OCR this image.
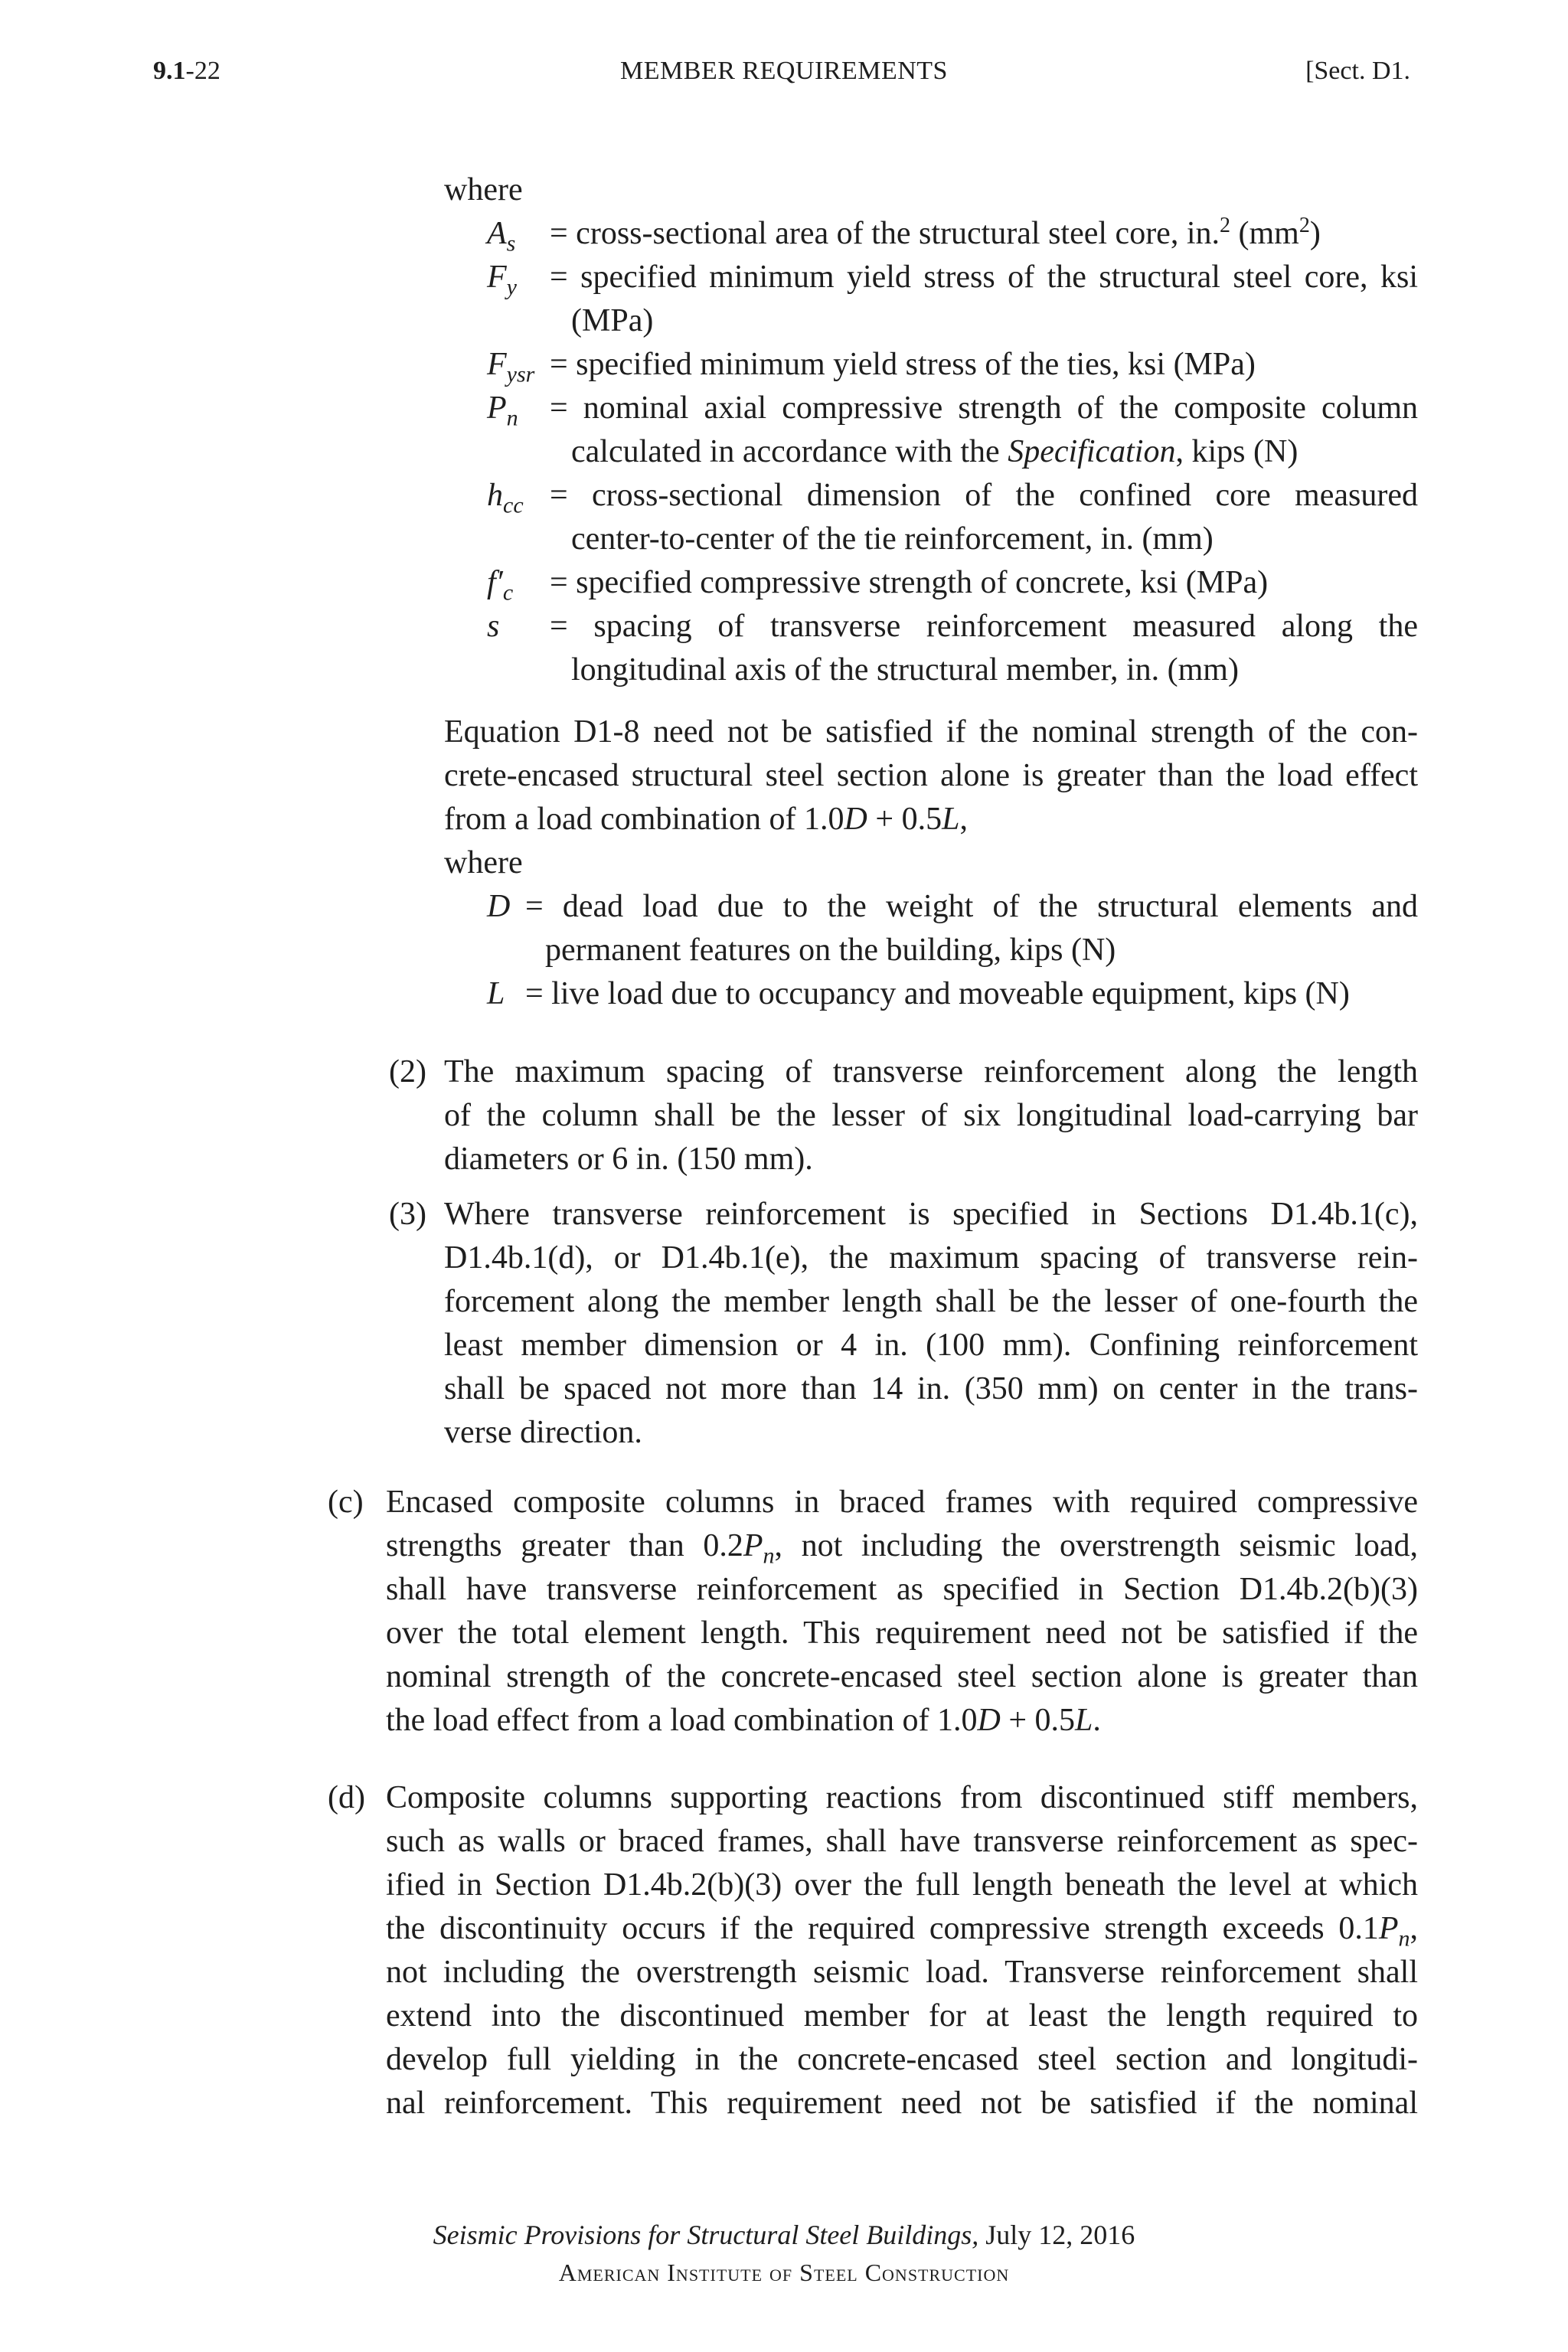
9.1-22	MEMBER REQUIREMENTS	[Sect. D1.
where
$A_s$ = cross-sectional area of the structural steel core, in.$^2$ $(mm^2)$
$F_y$ = specified minimum yield stress of the structural steel core, ksi
(MPa)
$F_{ysr}$ = specified minimum yield stress of the ties, ksi (MPa)
$P_n$ = nominal axial compressive strength of the composite column
calculated in accordance with the Specification, kips (N)
$h_{cc}$ = cross-sectional dimension of the confined core measured
center-to-center of the tie reinforcement, in. (mm)
$f'_c$ = specified compressive strength of concrete, ksi (MPa)
s = spacing of transverse reinforcement measured along the
longitudinal axis of the structural member, in. (mm)
Equation D1-8 need not be satisfied if the nominal strength of the con-
crete-encased structural steel section alone is greater than the load effect
from a load combination of 1.0D + 0.5L,
where
D = dead load due to the weight of the structural elements and
permanent features on the building, kips (N)
L = live load due to occupancy and moveable equipment, kips (N)
(2) The maximum spacing of transverse reinforcement along the length
of the column shall be the lesser of six longitudinal load-carrying bar
diameters or 6 in. (150 mm).
(3) Where transverse reinforcement is specified in Sections D1.4b.1(c),
D1.4b.1(d), or D1.4b.1(e), the maximum spacing of transverse rein-
forcement along the member length shall be the lesser of one-fourth the
least member dimension or 4 in. (100 mm). Confining reinforcement
shall be spaced not more than 14 in. (350 mm) on center in the trans-
verse direction.
(c) Encased composite columns in braced frames with required compressive
strengths greater than $0.2P_n$, not including the overstrength seismic load,
shall have transverse reinforcement as specified in Section D1.4b.2(b)(3)
over the total element length. This requirement need not be satisfied if the
nominal strength of the concrete-encased steel section alone is greater than
the load effect from a load combination of 1.0D + 0.5L.
(d) Composite columns supporting reactions from discontinued stiff members,
such as walls or braced frames, shall have transverse reinforcement as spec-
ified in Section D1.4b.2(b)(3) over the full length beneath the level at which
the discontinuity occurs if the required compressive strength exceeds $0.1P_n$,
not including the overstrength seismic load. Transverse reinforcement shall
extend into the discontinued member for at least the length required to
develop full yielding in the concrete-encased steel section and longitudi-
nal reinforcement. This requirement need not be satisfied if the nominal
Seismic Provisions for Structural Steel Buildings, July 12, 2016
American Institute of Steel Construction
